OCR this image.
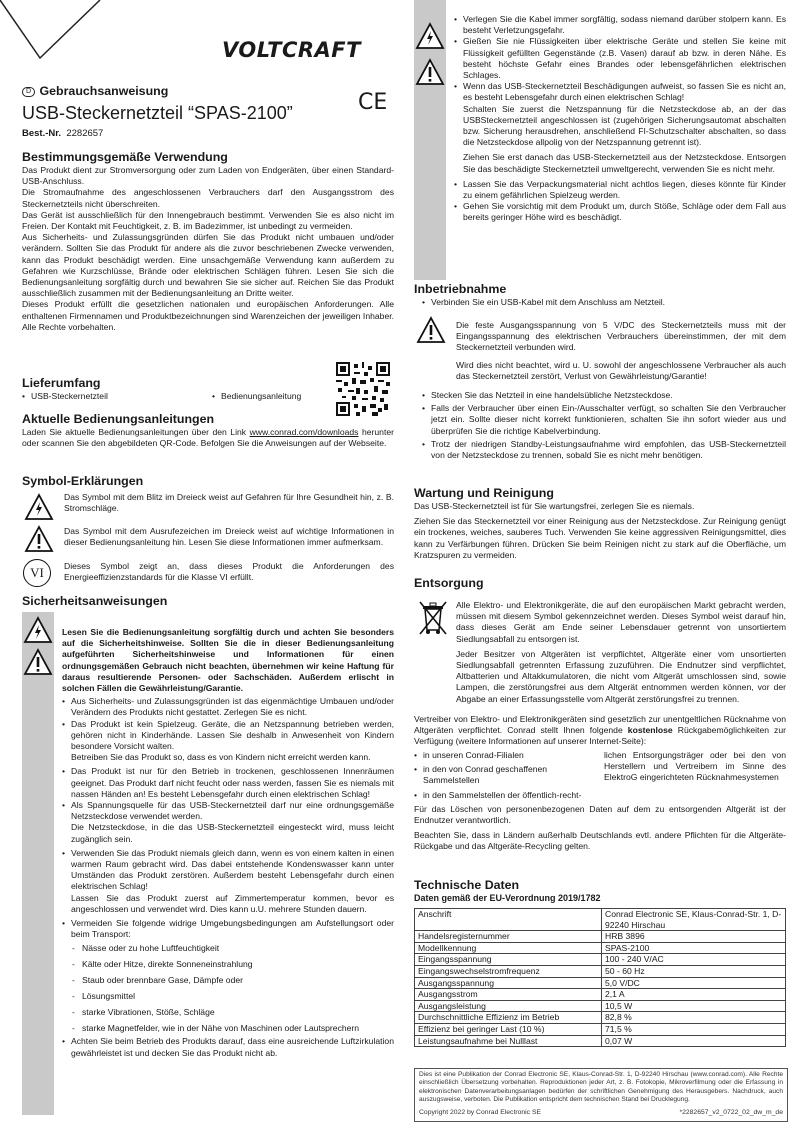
VOLTCRAFT
D Gebrauchsanweisung
USB-Steckernetzteil “SPAS-2100”	CE
Best.-Nr. 2282657
Bestimmungsgemäße Verwendung

Das Produkt dient zur Stromversorgung oder zum Laden von Endgeräten, über einen Standard-USB-Anschluss.

Die Stromaufnahme des angeschlossenen Verbrauchers darf den Ausgangsstrom des Steckernetzteils nicht überschreiten.

Das Gerät ist ausschließlich für den Innengebrauch bestimmt. Verwenden Sie es also nicht im Freien. Der Kontakt mit Feuchtigkeit, z. B. im Badezimmer, ist unbedingt zu vermeiden.

Aus Sicherheits- und Zulassungsgründen dürfen Sie das Produkt nicht umbauen und/oder verändern. Sollten Sie das Produkt für andere als die zuvor beschriebenen Zwecke verwenden, kann das Produkt beschädigt werden. Eine unsachgemäße Verwendung kann außerdem zu Gefahren wie Kurzschlüsse, Brände oder elektrischen Schlägen führen. Lesen Sie sich die Bedienungsanleitung sorgfältig durch und bewahren Sie sie sicher auf. Reichen Sie das Produkt ausschließlich zusammen mit der Bedienungsanleitung an Dritte weiter.

Dieses Produkt erfüllt die gesetzlichen nationalen und europäischen Anforderungen. Alle enthaltenen Firmennamen und Produktbezeichnungen sind Warenzeichen der jeweiligen Inhaber. Alle Rechte vorbehalten.

Lieferumfang
• USB-Steckernetzteil	• Bedienungsanleitung
Aktuelle Bedienungsanleitungen

Laden Sie aktuelle Bedienungsanleitungen über den Link www.conrad.com/downloads herunter oder scannen Sie den abgebildeten QR-Code. Befolgen Sie die Anweisungen auf der Webseite.

Symbol-Erklärungen

Das Symbol mit dem Blitz im Dreieck weist auf Gefahren für Ihre Gesundheit hin, z. B. Stromschläge.

Das Symbol mit dem Ausrufezeichen im Dreieck weist auf wichtige Informationen in dieser Bedienungsanleitung hin. Lesen Sie diese Informationen immer aufmerksam.

VI	Dieses Symbol zeigt an, dass dieses Produkt die Anforderungen des Energieeffizienzstandards für die Klasse VI erfüllt.

Sicherheitsanweisungen

Lesen Sie die Bedienungsanleitung sorgfältig durch und achten Sie besonders auf die Sicherheitshinweise. Sollten Sie die in dieser Bedienungsanleitung aufgeführten Sicherheitshinweise und Informationen für einen ordnungsgemäßen Gebrauch nicht beachten, übernehmen wir keine Haftung für daraus resultierende Personen- oder Sachschäden. Außerdem erlischt in solchen Fällen die Gewährleistung/Garantie.

• Aus Sicherheits- und Zulassungsgründen ist das eigenmächtige Umbauen und/oder Verändern des Produkts nicht gestattet. Zerlegen Sie es nicht.
• Das Produkt ist kein Spielzeug. Geräte, die an Netzspannung betrieben werden, gehören nicht in Kinderhände. Lassen Sie deshalb in Anwesenheit von Kindern besondere Vorsicht walten.

Betreiben Sie das Produkt so, dass es von Kindern nicht erreicht werden kann.

• Das Produkt ist nur für den Betrieb in trockenen, geschlossenen Innenräumen geeignet. Das Produkt darf nicht feucht oder nass werden, fassen Sie es niemals mit nassen Händen an! Es besteht Lebensgefahr durch einen elektrischen Schlag!
• Als Spannungsquelle für das USB-Steckernetzteil darf nur eine ordnungsgemäße Netzsteckdose verwendet werden.

Die Netzsteckdose, in die das USB-Steckernetzteil eingesteckt wird, muss leicht zugänglich sein.

• Verwenden Sie das Produkt niemals gleich dann, wenn es von einem kalten in einen warmen Raum gebracht wird. Das dabei entstehende Kondenswasser kann unter Umständen das Produkt zerstören. Außerdem besteht Lebensgefahr durch einen elektrischen Schlag!

Lassen Sie das Produkt zuerst auf Zimmertemperatur kommen, bevor es angeschlossen und verwendet wird. Dies kann u.U. mehrere Stunden dauern.

• Vermeiden Sie folgende widrige Umgebungsbedingungen am Aufstellungsort oder beim Transport:
- Nässe oder zu hohe Luftfeuchtigkeit
- Kälte oder Hitze, direkte Sonneneinstrahlung
- Staub oder brennbare Gase, Dämpfe oder
- Lösungsmittel
- starke Vibrationen, Stöße, Schläge
- starke Magnetfelder, wie in der Nähe von Maschinen oder Lautsprechern
• Achten Sie beim Betrieb des Produkts darauf, dass eine ausreichende Luftzirkulation gewährleistet ist und decken Sie das Produkt nicht ab.
• Verlegen Sie die Kabel immer sorgfältig, sodass niemand darüber stolpern kann. Es besteht Verletzungsgefahr.
• Gießen Sie nie Flüssigkeiten über elektrische Geräte und stellen Sie keine mit Flüssigkeit gefüllten Gegenstände (z.B. Vasen) darauf ab bzw. in deren Nähe. Es besteht höchste Gefahr eines Brandes oder lebensgefährlichen elektrischen Schlages.
• Wenn das USB-Steckernetzteil Beschädigungen aufweist, so fassen Sie es nicht an, es besteht Lebensgefahr durch einen elektrischen Schlag!

Schalten Sie zuerst die Netzspannung für die Netzsteckdose ab, an der das USBSteckernetzteil angeschlossen ist (zugehörigen Sicherungsautomat abschalten bzw. Sicherung herausdrehen, anschließend FI-Schutzschalter abschalten, so dass die Netzsteckdose allpolig von der Netzspannung getrennt ist).

Ziehen Sie erst danach das USB-Steckernetzteil aus der Netzsteckdose. Entsorgen Sie das beschädigte Steckernetzteil umweltgerecht, verwenden Sie es nicht mehr.

• Lassen Sie das Verpackungsmaterial nicht achtlos liegen, dieses könnte für Kinder zu einem gefährlichen Spielzeug werden.
• Gehen Sie vorsichtig mit dem Produkt um, durch Stöße, Schläge oder dem Fall aus bereits geringer Höhe wird es beschädigt.
Inbetriebnahme
• Verbinden Sie ein USB-Kabel mit dem Anschluss am Netzteil.

Die feste Ausgangsspannung von 5 V/DC des Steckernetzteils muss mit der Eingangsspannung des elektrischen Verbrauchers übereinstimmen, der mit dem Steckernetzteil verbunden wird.

Wird dies nicht beachtet, wird u. U. sowohl der angeschlossene Verbraucher als auch das Steckernetzteil zerstört, Verlust von Gewährleistung/Garantie!

• Stecken Sie das Netzteil in eine handelsübliche Netzsteckdose.
• Falls der Verbraucher über einen Ein-/Ausschalter verfügt, so schalten Sie den Verbraucher jetzt ein. Sollte dieser nicht korrekt funktionieren, schalten Sie ihn sofort wieder aus und überprüfen Sie die richtige Kabelverbindung.
• Trotz der niedrigen Standby-Leistungsaufnahme wird empfohlen, das USB-Steckernetzteil von der Netzsteckdose zu trennen, sobald Sie es nicht mehr benötigen.
Wartung und Reinigung

Das USB-Steckernetzteil ist für Sie wartungsfrei, zerlegen Sie es niemals.

Ziehen Sie das Steckernetzteil vor einer Reinigung aus der Netzsteckdose. Zur Reinigung genügt ein trockenes, weiches, sauberes Tuch. Verwenden Sie keine aggressiven Reinigungsmittel, dies kann zu Verfärbungen führen. Drücken Sie beim Reinigen nicht zu stark auf die Oberfläche, um Kratzspuren zu vermeiden.

Entsorgung

Alle Elektro- und Elektronikgeräte, die auf den europäischen Markt gebracht werden, müssen mit diesem Symbol gekennzeichnet werden. Dieses Symbol weist darauf hin, dass dieses Gerät am Ende seiner Lebensdauer getrennt von unsortiertem Siedlungsabfall zu entsorgen ist.

Jeder Besitzer von Altgeräten ist verpflichtet, Altgeräte einer vom unsortierten Siedlungsabfall getrennten Erfassung zuzuführen. Die Endnutzer sind verpflichtet, Altbatterien und Altakkumulatoren, die nicht vom Altgerät umschlossen sind, sowie Lampen, die zerstörungsfrei aus dem Altgerät entnommen werden können, vor der Abgabe an einer Erfassungsstelle vom Altgerät zerstörungsfrei zu trennen.

Vertreiber von Elektro- und Elektronikgeräten sind gesetzlich zur unentgeltlichen Rücknahme von Altgeräten verpflichtet. Conrad stellt Ihnen folgende kostenlose Rückgabemöglichkeiten zur Verfügung (weitere Informationen auf unserer Internet-Seite):

• in unseren Conrad-Filialen
• in den von Conrad geschaffenen Sammelstellen
• in den Sammelstellen der öffentlich-recht-

lichen Entsorgungsträger oder bei den von Herstellern und Vertreibern im Sinne des ElektroG eingerichteten Rücknahmesystemen

Für das Löschen von personenbezogenen Daten auf dem zu entsorgenden Altgerät ist der Endnutzer verantwortlich.

Beachten Sie, dass in Ländern außerhalb Deutschlands evtl. andere Pflichten für die Altgeräte-Rückgabe und das Altgeräte-Recycling gelten.

Technische Daten
Daten gemäß der EU-Verordnung 2019/1782
Anschrift	Conrad Electronic SE, Klaus-Conrad-Str. 1, D-92240 Hirschau
Handelsregisternummer	HRB 3896
Modellkennung	SPAS-2100
Eingangsspannung	100 - 240 V/AC
Eingangswechselstromfrequenz	50 - 60 Hz
Ausgangsspannung	5,0 V/DC
Ausgangsstrom	2,1 A
Ausgangsleistung	10,5 W
Durchschnittliche Effizienz im Betrieb	82,8 %
Effizienz bei geringer Last (10 %)	71,5 %
Leistungsaufnahme bei Nulllast	0,07 W

Dies ist eine Publikation der Conrad Electronic SE, Klaus-Conrad-Str. 1, D-92240 Hirschau (www.conrad.com). Alle Rechte einschließlich Übersetzung vorbehalten. Reproduktionen jeder Art, z. B. Fotokopie, Mikroverfilmung oder die Erfassung in elektronischen Datenverarbeitungsanlagen bedürfen der schriftlichen Genehmigung des Herausgebers. Nachdruck, auch auszugsweise, verboten. Die Publikation entspricht dem technischen Stand bei Drucklegung.

Copyright 2022 by Conrad Electronic SE	*2282657_v2_0722_02_dw_m_de
